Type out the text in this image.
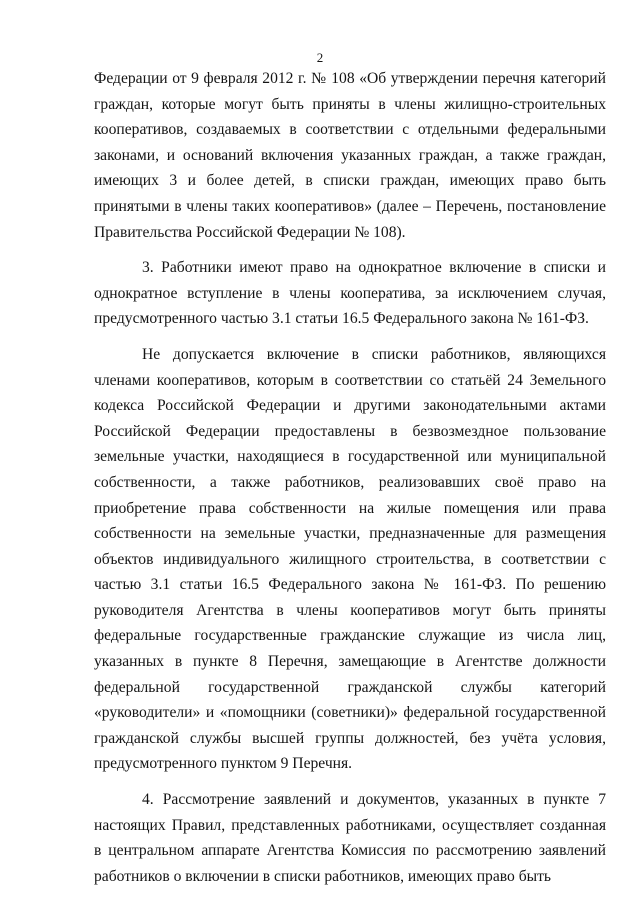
2

Федерации от 9 февраля 2012 г. № 108 «Об утверждении перечня категорий граждан, которые могут быть приняты в члены жилищно-строительных кооперативов, создаваемых в соответствии с отдельными федеральными законами, и оснований включения указанных граждан, а также граждан, имеющих 3 и более детей, в списки граждан, имеющих право быть принятыми в члены таких кооперативов» (далее – Перечень, постановление Правительства Российской Федерации № 108).

3. Работники имеют право на однократное включение в списки и однократное вступление в члены кооператива, за исключением случая, предусмотренного частью 3.1 статьи 16.5 Федерального закона № 161-ФЗ.

Не допускается включение в списки работников, являющихся членами кооперативов, которым в соответствии со статьёй 24 Земельного кодекса Российской Федерации и другими законодательными актами Российской Федерации предоставлены в безвозмездное пользование земельные участки, находящиеся в государственной или муниципальной собственности, а также работников, реализовавших своё право на приобретение права собственности на жилые помещения или права собственности на земельные участки, предназначенные для размещения объектов индивидуального жилищного строительства, в соответствии с частью 3.1 статьи 16.5 Федерального закона № 161-ФЗ. По решению руководителя Агентства в члены кооперативов могут быть приняты федеральные государственные гражданские служащие из числа лиц, указанных в пункте 8 Перечня, замещающие в Агентстве должности федеральной государственной гражданской службы категорий «руководители» и «помощники (советники)» федеральной государственной гражданской службы высшей группы должностей, без учёта условия, предусмотренного пунктом 9 Перечня.

4. Рассмотрение заявлений и документов, указанных в пункте 7 настоящих Правил, представленных работниками, осуществляет созданная в центральном аппарате Агентства Комиссия по рассмотрению заявлений работников о включении в списки работников, имеющих право быть
